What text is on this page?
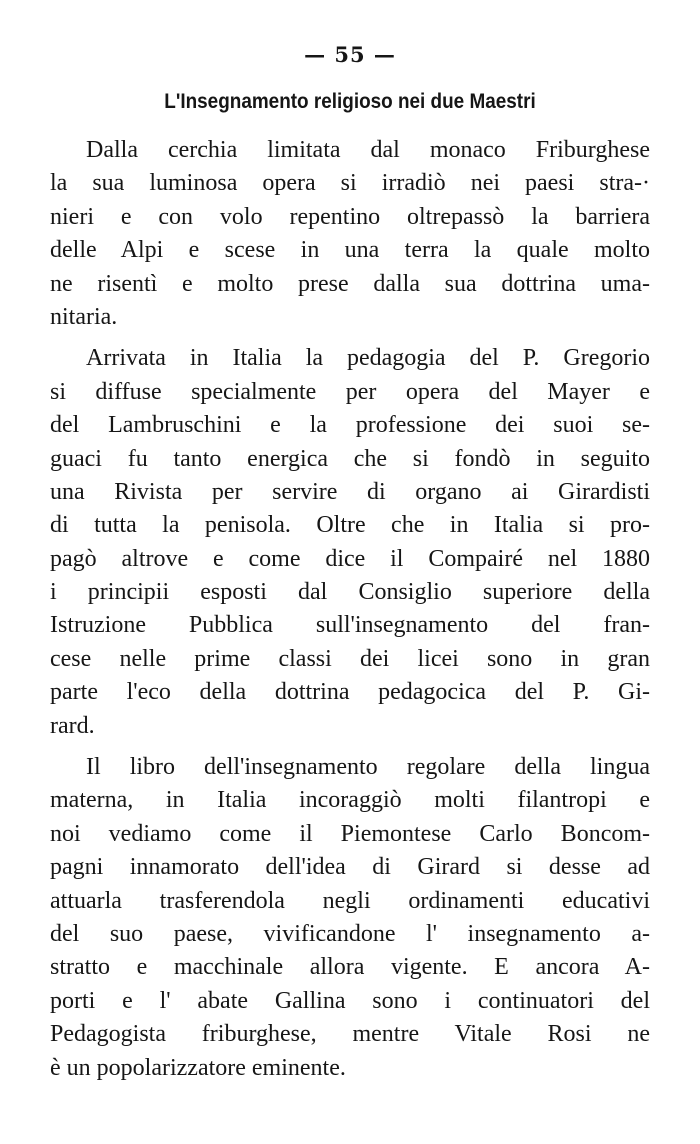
— 55 —
L'Insegnamento religioso nei due Maestri
Dalla cerchia limitata dal monaco Friburghese
la sua luminosa opera si irradiò nei paesi stra-·
nieri e con volo repentino oltrepassò la barriera
delle Alpi e scese in una terra la quale molto
ne risentì e molto prese dalla sua dottrina uma-
nitaria.
Arrivata in Italia la pedagogia del P. Gregorio
si diffuse specialmente per opera del Mayer e
del Lambruschini e la professione dei suoi se-
guaci fu tanto energica che si fondò in seguito
una Rivista per servire di organo ai Girardisti
di tutta la penisola. Oltre che in Italia si pro-
pagò altrove e come dice il Compairé nel 1880
i principii esposti dal Consiglio superiore della
Istruzione Pubblica sull'insegnamento del fran-
cese nelle prime classi dei licei sono in gran
parte l'eco della dottrina pedagocica del P. Gi-
rard.
Il libro dell'insegnamento regolare della lingua
materna, in Italia incoraggiò molti filantropi e
noi vediamo come il Piemontese Carlo Boncom-
pagni innamorato dell'idea di Girard si desse ad
attuarla trasferendola negli ordinamenti educativi
del suo paese, vivificandone l' insegnamento a-
stratto e macchinale allora vigente. E ancora A-
porti e l' abate Gallina sono i continuatori del
Pedagogista friburghese, mentre Vitale Rosi ne
è un popolarizzatore eminente.
